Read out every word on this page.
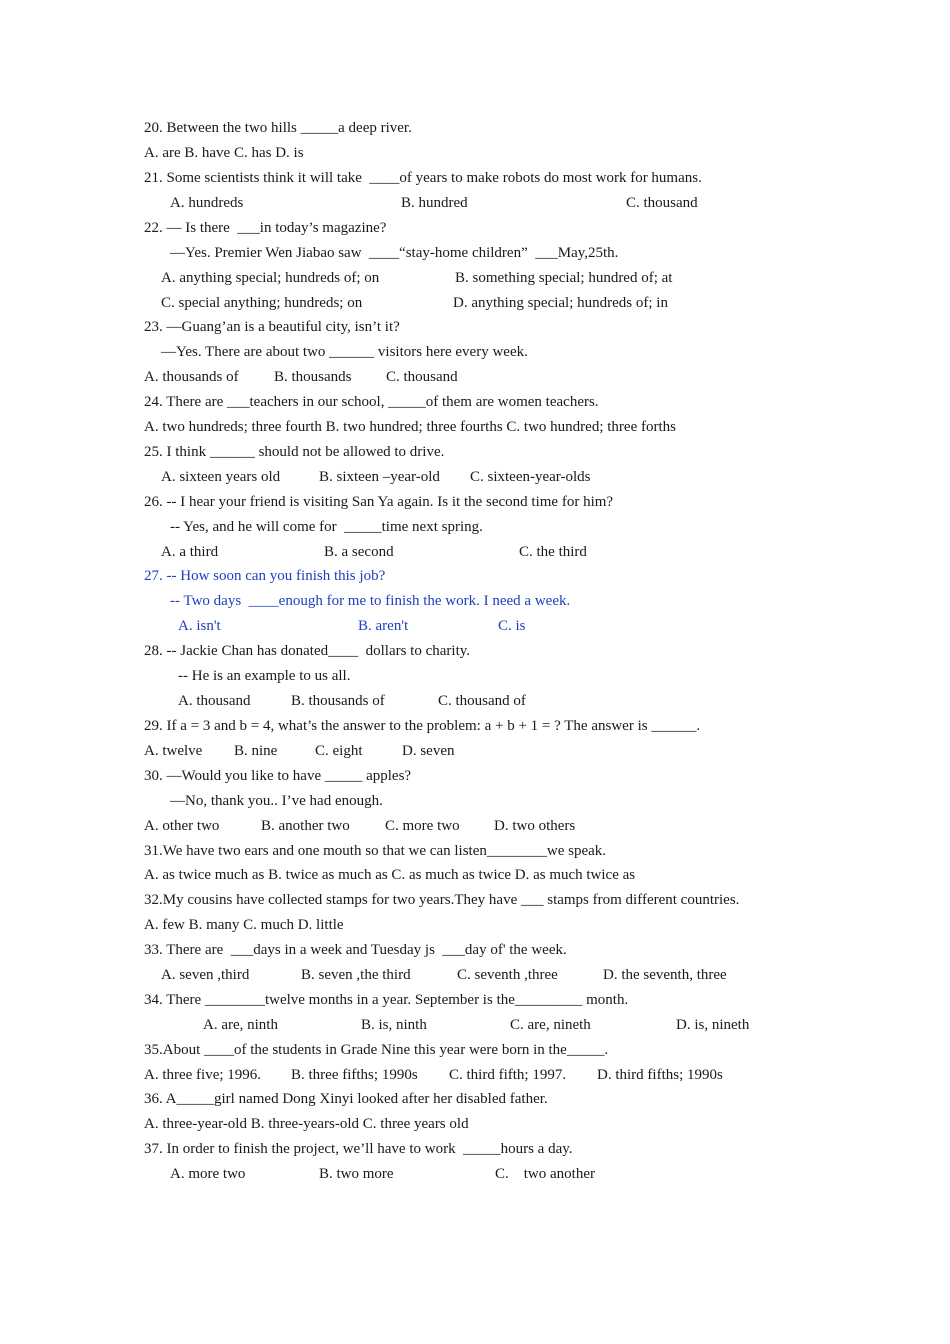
20. Between the two hills _____a deep river.
A. are B. have C. has D. is
21. Some scientists think it will take  ____of years to make robots do most work for humans.
A. hundreds	B. hundred	C. thousand
22. — Is there  ___in today’s magazine?
—Yes. Premier Wen Jiabao saw  ____“stay-home children”  ___May,25th.
A. anything special; hundreds of; on	B. something special; hundred of; at
C. special anything; hundreds; on	D. anything special; hundreds of; in
23. —Guang’an is a beautiful city, isn’t it?
—Yes. There are about two ______ visitors here every week.
A. thousands of B. thousands C. thousand
24. There are ___teachers in our school, _____of them are women teachers.
A. two hundreds; three fourth B. two hundred; three fourths C. two hundred; three forths
25. I think ______ should not be allowed to drive.
A. sixteen years old	B. sixteen –year-old C. sixteen-year-olds
26. -- I hear your friend is visiting San Ya again. Is it the second time for him?
-- Yes, and he will come for  _____time next spring.
A. a third	B. a second	C. the third
27. -- How soon can you finish this job?
-- Two days  ____enough for me to finish the work. I need a week.
A. isn't	B. aren't	C. is
28. -- Jackie Chan has donated____  dollars to charity.
-- He is an example to us all.
A. thousand	B. thousands of	C. thousand of
29. If a = 3 and b = 4, what’s the answer to the problem: a + b + 1 = ? The answer is ______.
A. twelve B. nine	C. eight	D. seven
30. —Would you like to have _____ apples?
—No, thank you.. I’ve had enough.
A. other two	B. another two C. more two D. two others
31.We have two ears and one mouth so that we can listen________we speak.
A. as twice much as B. twice as much as C. as much as twice D. as much twice as
32.My cousins have collected stamps for two years.They have ___ stamps from different countries.
A. few B. many C. much D. little
33. There are  ___days in a week and Tuesday js  ___day of' the week.
A. seven ,third	B. seven ,the third	C. seventh ,three	D. the seventh, three
34. There ________twelve months in a year. September is the_________ month.
A. are, ninth	B. is, ninth	C. are, nineth	D. is, nineth
35.About ____of the students in Grade Nine this year were born in the_____.
A. three five; 1996. B. three fifths; 1990s C. third fifth; 1997. D. third fifths; 1990s
36. A_____girl named Dong Xinyi looked after her disabled father.
A. three-year-old B. three-years-old C. three years old
37. In order to finish the project, we’ll have to work  _____hours a day.
A. more two	B. two more	C.    two another
